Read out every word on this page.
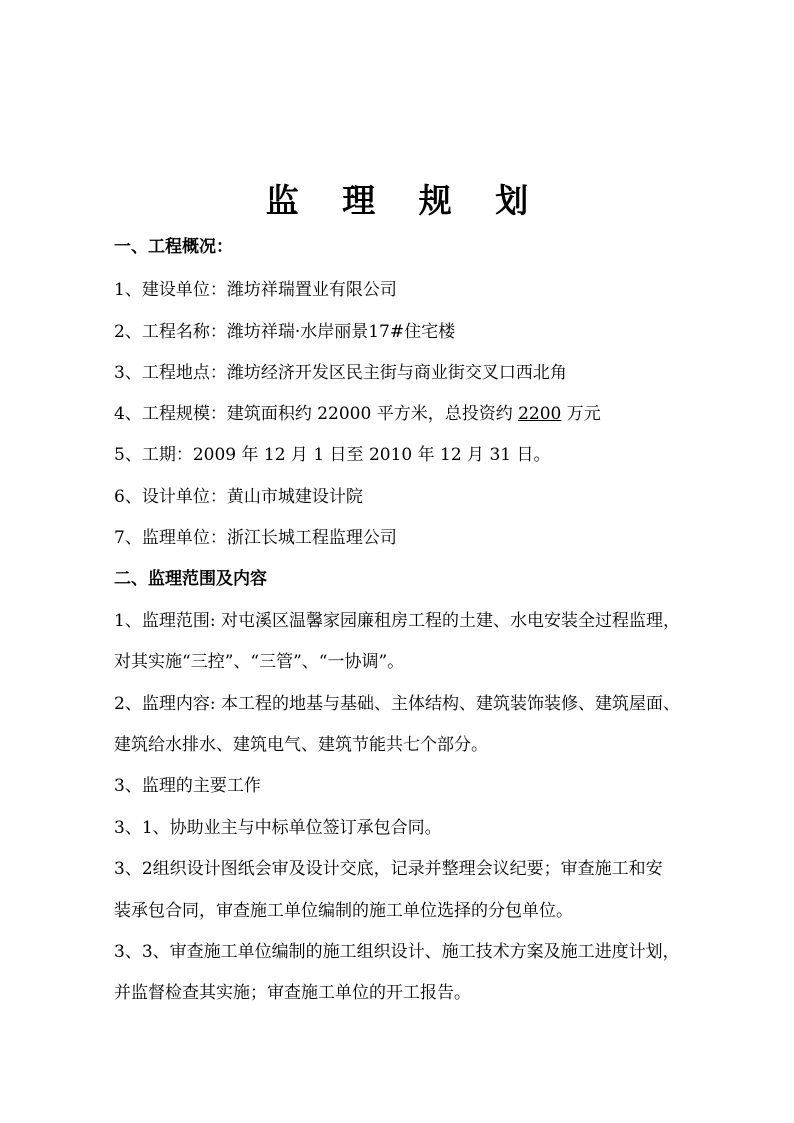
监 理 规 划
一、工程概况：
1、建设单位：潍坊祥瑞置业有限公司
2、工程名称：潍坊祥瑞·水岸丽景17#住宅楼
3、工程地点：潍坊经济开发区民主街与商业街交叉口西北角
4、工程规模：建筑面积约 22000 平方米，总投资约 2200 万元
5、工期：2009 年 12 月 1 日至 2010 年 12 月 31 日。
6、设计单位：黄山市城建设计院
7、监理单位：浙江长城工程监理公司
二、监理范围及内容
1、监理范围: 对屯溪区温馨家园廉租房工程的土建、水电安装全过程监理，
对其实施“三控”、“三管”、“一协调”。
2、监理内容: 本工程的地基与基础、主体结构、建筑装饰装修、建筑屋面、
建筑给水排水、建筑电气、建筑节能共七个部分。
3、监理的主要工作
3、1、协助业主与中标单位签订承包合同。
3、2组织设计图纸会审及设计交底，记录并整理会议纪要；审查施工和安
装承包合同，审查施工单位编制的施工单位选择的分包单位。
3、3、审查施工单位编制的施工组织设计、施工技术方案及施工进度计划，
并监督检查其实施；审查施工单位的开工报告。
